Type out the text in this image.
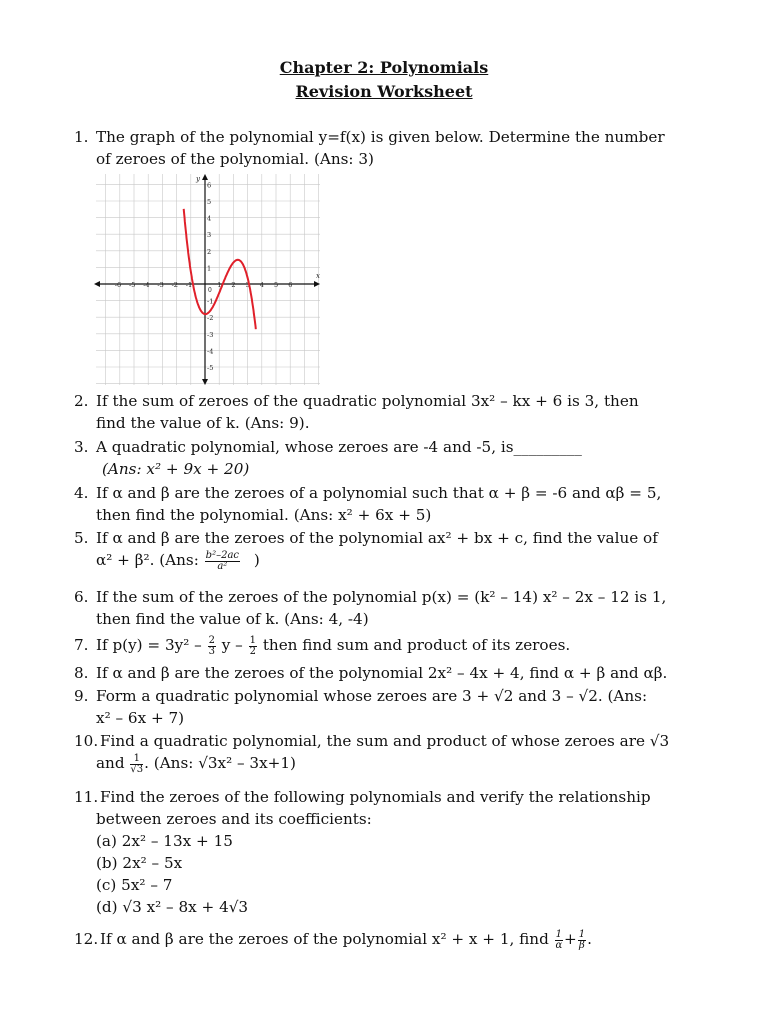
Chapter 2: Polynomials
Revision Worksheet
1. The graph of the polynomial y=f(x) is given below. Determine the number
of zeroes of the polynomial. (Ans: 3)
-6 -5 -4 -3 -2 -1	1 2 3 4 5 6
6
5
4
3
2
1
-1
-2
-3
-4
-5
x
y
0
2. If the sum of zeroes of the quadratic polynomial 3x² – kx + 6 is 3, then
find the value of k. (Ans: 9).
3. A quadratic polynomial, whose zeroes are -4 and -5, is_________
(Ans: x² + 9x + 20)
4. If α and β are the zeroes of a polynomial such that α + β = -6 and αβ = 5,
then find the polynomial. (Ans: x² + 6x + 5)
5. If α and β are the zeroes of the polynomial ax² + bx + c, find the value of
α² + β². (Ans: $\frac{\text{b²–2ac}}{\text{a²}}$ )
6. If the sum of the zeroes of the polynomial p(x) = (k² – 14) x² – 2x – 12 is 1,
then find the value of k. (Ans: 4, -4)
7. If $p(y) = 3y^2 - \frac{2}{3}$ y – $\frac{1}{2}$ then find sum and product of its zeroes.
8. If α and β are the zeroes of the polynomial 2x² – 4x + 4, find α + β and αβ.
9. Form a quadratic polynomial whose zeroes are 3 + √2 and 3 – √2. (Ans:
x² – 6x + 7)
10. Find a quadratic polynomial, the sum and product of whose zeroes are √3
and $\frac{1}{√3}$ . (Ans: √3x² – 3x+1)
11. Find the zeroes of the following polynomials and verify the relationship
between zeroes and its coefficients:
(a) 2x² – 13x + 15
(b) 2x² – 5x
(c) 5x² – 7
(d) √3 x² – 8x + 4√3
12. If α and β are the zeroes of the polynomial x² + x + 1, find $\frac{1}{\alpha} + \frac{1}{\beta}$ .
